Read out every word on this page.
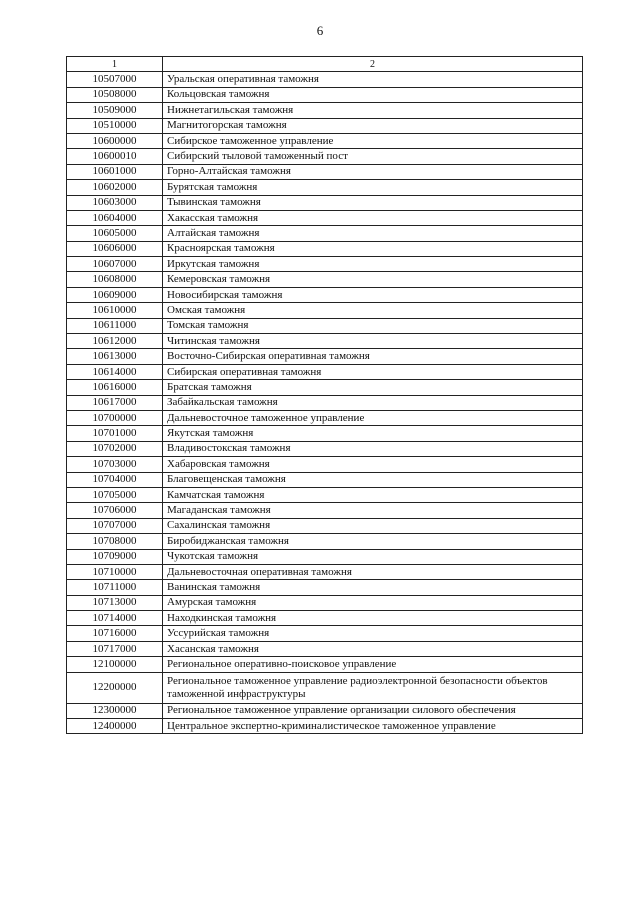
6
1	2
10507000	Уральская оперативная таможня
10508000	Кольцовская таможня
10509000	Нижнетагильская таможня
10510000	Магнитогорская таможня
10600000	Сибирское таможенное управление
10600010	Сибирский тыловой таможенный пост
10601000	Горно-Алтайская таможня
10602000	Бурятская таможня
10603000	Тывинская таможня
10604000	Хакасская таможня
10605000	Алтайская таможня
10606000	Красноярская таможня
10607000	Иркутская таможня
10608000	Кемеровская таможня
10609000	Новосибирская таможня
10610000	Омская таможня
10611000	Томская таможня
10612000	Читинская таможня
10613000	Восточно-Сибирская оперативная таможня
10614000	Сибирская оперативная таможня
10616000	Братская таможня
10617000	Забайкальская таможня
10700000	Дальневосточное таможенное управление
10701000	Якутская таможня
10702000	Владивостокская таможня
10703000	Хабаровская таможня
10704000	Благовещенская таможня
10705000	Камчатская таможня
10706000	Магаданская таможня
10707000	Сахалинская таможня
10708000	Биробиджанская таможня
10709000	Чукотская таможня
10710000	Дальневосточная оперативная таможня
10711000	Ванинская таможня
10713000	Амурская таможня
10714000	Находкинская таможня
10716000	Уссурийская таможня
10717000	Хасанская таможня
12100000	Региональное оперативно-поисковое управление
12200000	Региональное таможенное управление радиоэлектронной безопасности объектов таможенной инфраструктуры
12300000	Региональное таможенное управление организации силового обеспечения
12400000	Центральное экспертно-криминалистическое таможенное управление
